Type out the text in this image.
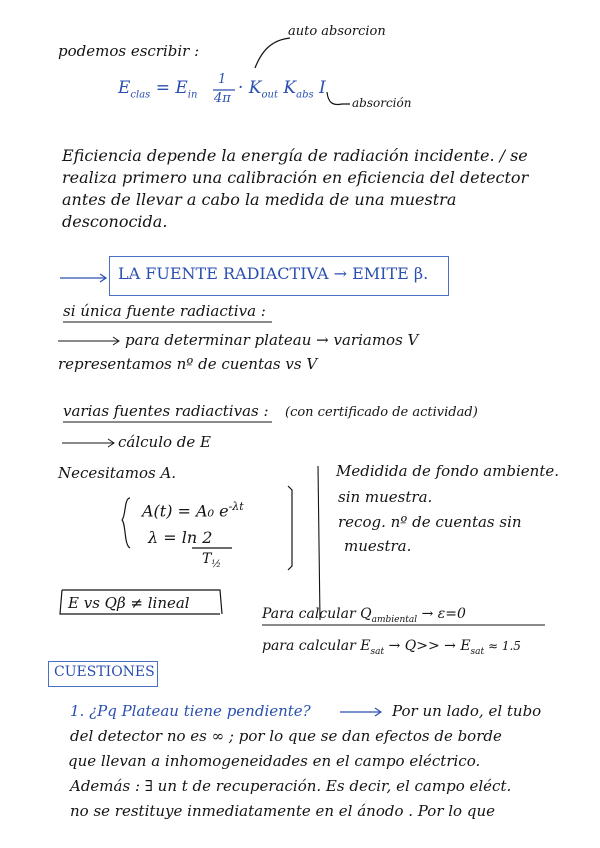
podemos escribir :
auto absorcion
$E_{clas} = E_{in}$
1
4π
· $K_{out}$ $K_{abs}$ I
absorción
Eficiencia depende la energía de radiación incidente. / se
realiza primero una calibración en eficiencia del detector
antes de llevar a cabo la medida de una muestra
desconocida.
LA FUENTE RADIACTIVA → EMITE β.
si única fuente radiactiva :
para determinar plateau → variamos V
representamos nº de cuentas vs V
varias fuentes radiactivas : (con certificado de actividad)
cálculo de E
Necesitamos A.
A(t) = A₀ $e^{-\lambda t}$
λ = ln 2
$T_{\frac{1}{2}}$
Medidida de fondo ambiente.
sin muestra.
recog. nº de cuentas sin
muestra.
E vs Qβ ≠ lineal
Para calcular $Q_{ambiental} \to \varepsilon=0$
para calcular $E_{sat} \to Q>> \to E_{sat} \approx 1.5$
CUESTIONES
1. ¿Pq Plateau tiene pendiente?	Por un lado, el tubo
del detector no es ∞ ; por lo que se dan efectos de borde
que llevan a inhomogeneidades en el campo eléctrico.
Además : ∃ un t de recuperación. Es decir, el campo eléct.
no se restituye inmediatamente en el ánodo . Por lo que
